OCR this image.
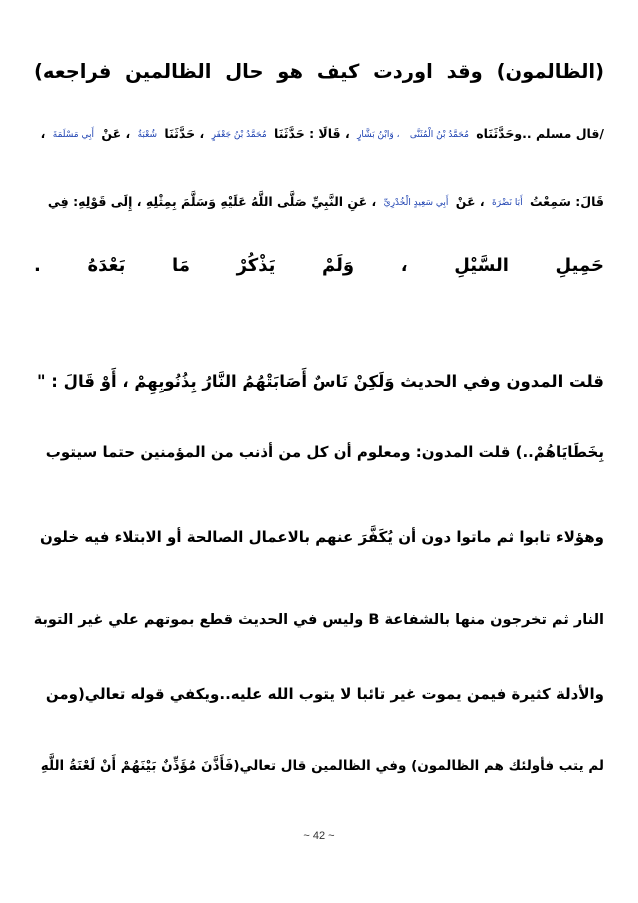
(الظالمون) وقد اوردت كيف هو حال الظالمين فراجعه)
/قال مسلم ..وحَدَّثَنَاه مُحَمَّدُ بْنُ الْمُثَنَّى ، وَابْنُ بَشَّارٍ ، قَالَا : حَدَّثَنَا مُحَمَّدُ بْنُ جَعْفَرٍ ، حَدَّثَنَا شُعْبَةُ ، عَنْ أَبِي مَسْلَمَةَ ،
قَالَ: سَمِعْتُ أَبَا نَضْرَةَ ، عَنْ أَبِي سَعِيدٍ الْخُدْرِيِّ ، عَنِ النَّبِيِّ صَلَّى اللَّهُ عَلَيْهِ وَسَلَّمَ بِمِثْلِهِ ، إِلَى قَوْلِهِ: فِي
حَمِيلِ السَّيْلِ ، وَلَمْ يَذْكُرْ مَا بَعْدَهُ .
قلت المدون وفي الحديث وَلَكِنْ نَاسٌ أَصَابَتْهُمُ النَّارُ بِذُنُوبِهِمْ ، أَوْ قَالَ : "
بِخَطَايَاهُمْ..) قلت المدون: ومعلوم أن كل من أذنب من المؤمنين حتما سيتوب
وهؤلاء تابوا ثم ماتوا دون أن يُكَفَّرَ عنهم بالاعمال الصالحة أو الابتلاء فيه خلون
النار ثم تخرجون منها بالشفاعة B وليس في الحديث قطع بموتهم علي غير التوبة
والأدلة كثيرة فيمن يموت غير تائبا لا يتوب الله عليه..ويكفي قوله تعالي(ومن
لم يتب فأولئك هم الظالمون) وفي الظالمين قال تعالي(فَأَذَّنَ مُؤَذِّنٌ بَيْنَهُمْ أَنْ لَعْنَةُ اللَّهِ
~ 42 ~
